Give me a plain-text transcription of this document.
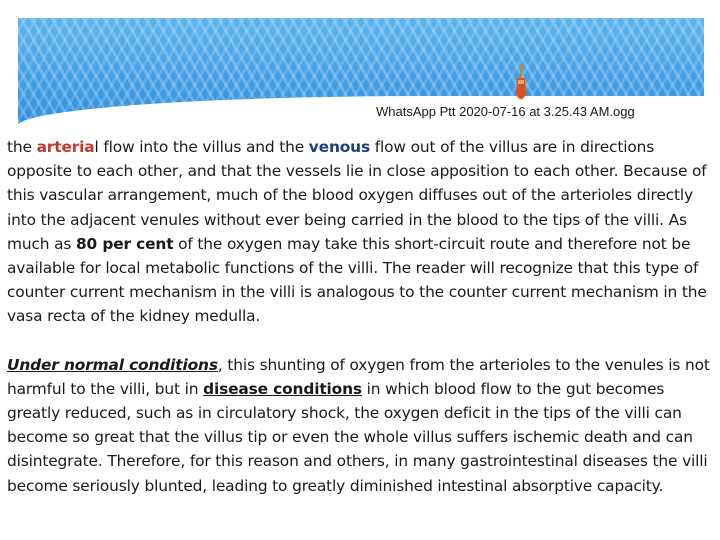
WhatsApp Ptt 2020-07-16 at 3.25.43 AM.ogg

the arterial flow into the villus and the venous flow out of the villus are in directions opposite to each other, and that the vessels lie in close apposition to each other. Because of this vascular arrangement, much of the blood oxygen diffuses out of the arterioles directly into the adjacent venules without ever being carried in the blood to the tips of the villi. As much as 80 per cent of the oxygen may take this short-circuit route and therefore not be available for local metabolic functions of the villi. The reader will recognize that this type of counter current mechanism in the villi is analogous to the counter current mechanism in the vasa recta of the kidney medulla.

Under normal conditions, this shunting of oxygen from the arterioles to the venules is not harmful to the villi, but in disease conditions in which blood flow to the gut becomes greatly reduced, such as in circulatory shock, the oxygen deficit in the tips of the villi can become so great that the villus tip or even the whole villus suffers ischemic death and can disintegrate. Therefore, for this reason and others, in many gastrointestinal diseases the villi become seriously blunted, leading to greatly diminished intestinal absorptive capacity.
